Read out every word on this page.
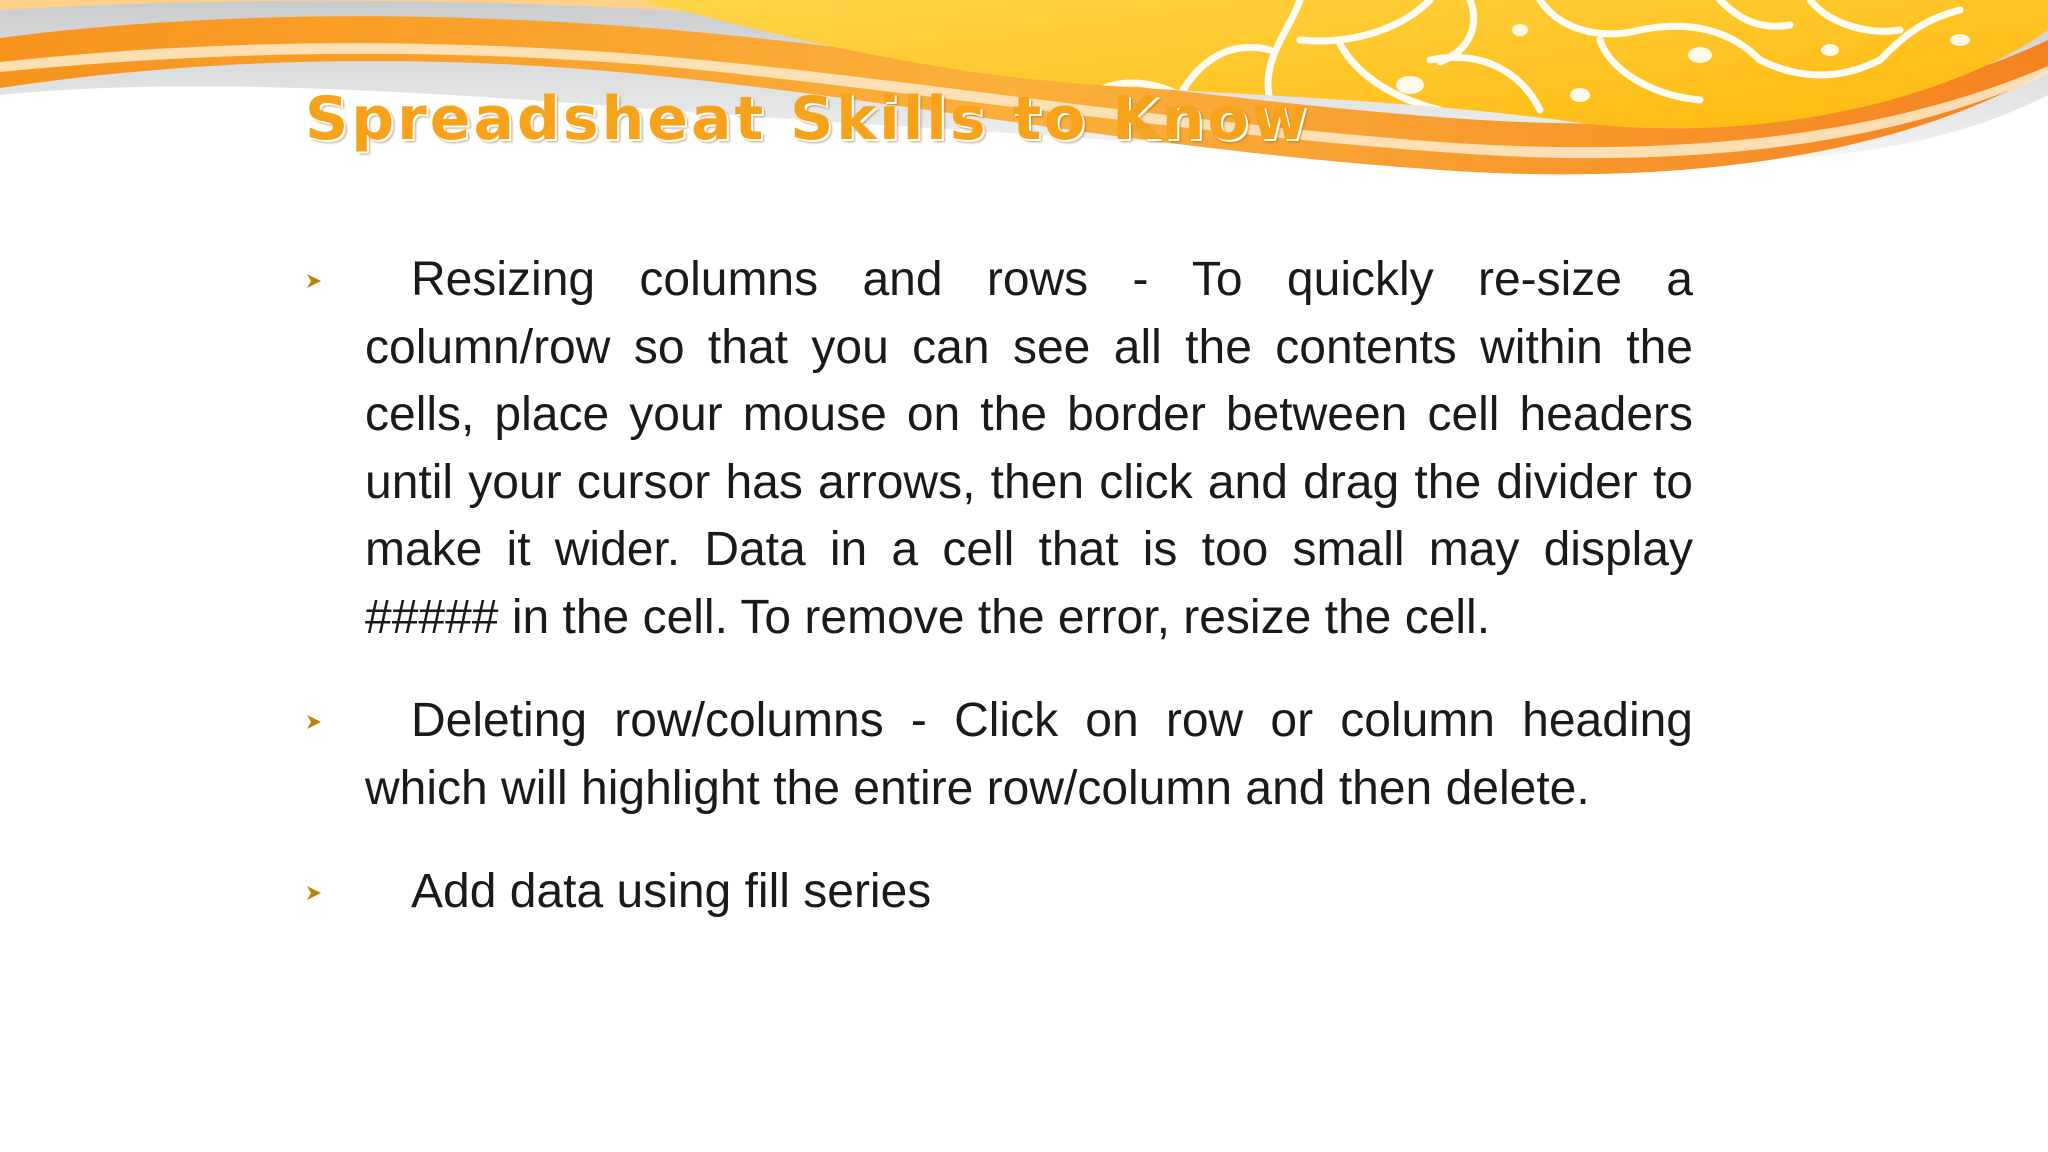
Spreadsheat Skills to Know
Resizing columns and rows - To quickly re-size a column/row so that you can see all the contents within the cells, place your mouse on the border between cell headers until your cursor has arrows, then click and drag the divider to make it wider. Data in a cell that is too small may display ##### in the cell. To remove the error, resize the cell.
Deleting row/columns - Click on row or column heading which will highlight the entire row/column and then delete.
Add data using fill series
